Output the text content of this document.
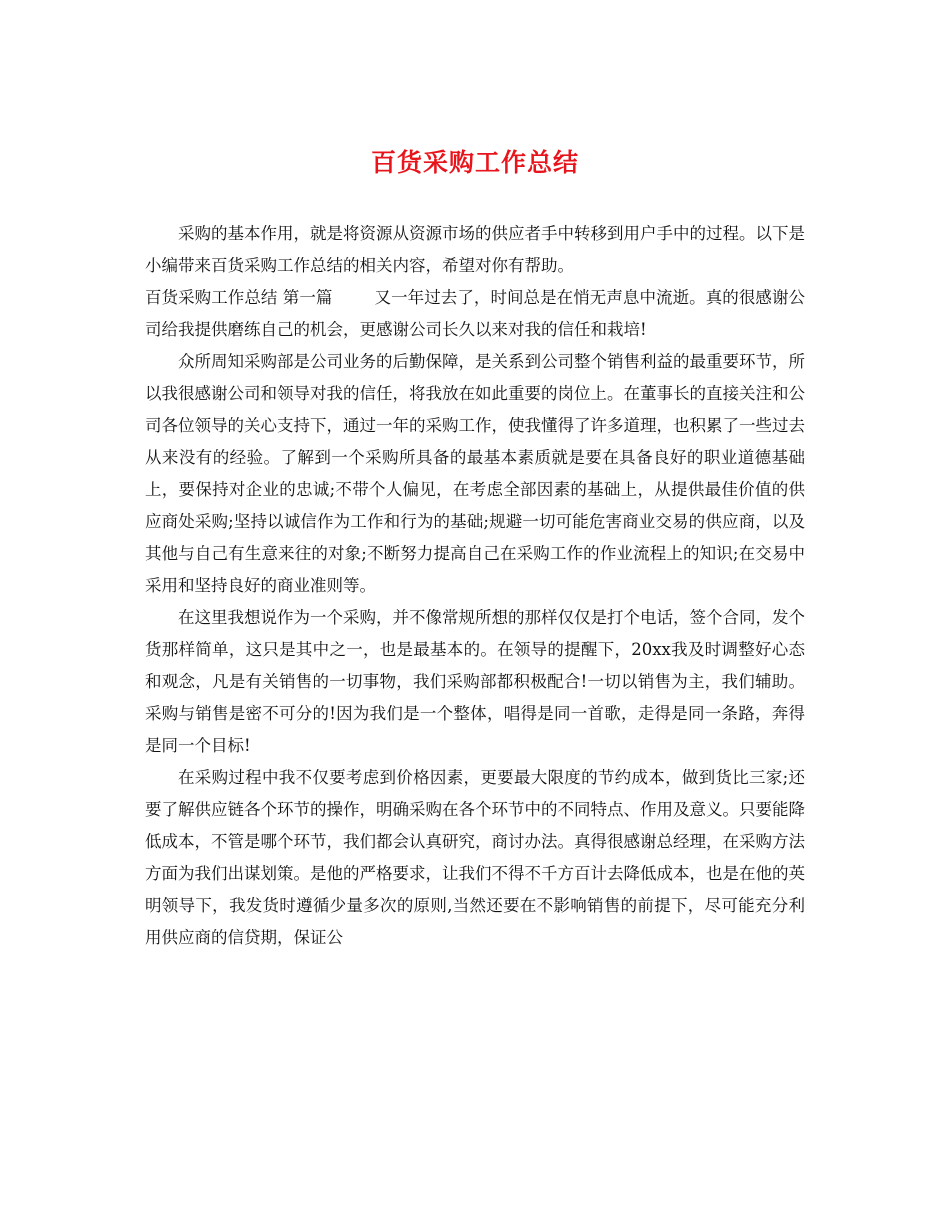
百货采购工作总结

采购的基本作用，就是将资源从资源市场的供应者手中转移到用户手中的过程。以下是小编带来百货采购工作总结的相关内容，希望对你有帮助。

百货采购工作总结 第一篇	又一年过去了，时间总是在悄无声息中流逝。真的很感谢公司给我提供磨练自己的机会，更感谢公司长久以来对我的信任和栽培!

众所周知采购部是公司业务的后勤保障，是关系到公司整个销售利益的最重要环节，所以我很感谢公司和领导对我的信任，将我放在如此重要的岗位上。在董事长的直接关注和公司各位领导的关心支持下，通过一年的采购工作，使我懂得了许多道理，也积累了一些过去从来没有的经验。了解到一个采购所具备的最基本素质就是要在具备良好的职业道德基础上，要保持对企业的忠诚;不带个人偏见，在考虑全部因素的基础上，从提供最佳价值的供应商处采购;坚持以诚信作为工作和行为的基础;规避一切可能危害商业交易的供应商，以及其他与自己有生意来往的对象;不断努力提高自己在采购工作的作业流程上的知识;在交易中采用和坚持良好的商业准则等。

在这里我想说作为一个采购，并不像常规所想的那样仅仅是打个电话，签个合同，发个货那样简单，这只是其中之一，也是最基本的。在领导的提醒下，20xx我及时调整好心态和观念，凡是有关销售的一切事物，我们采购部都积极配合!一切以销售为主，我们辅助。采购与销售是密不可分的!因为我们是一个整体，唱得是同一首歌，走得是同一条路，奔得是同一个目标!

在采购过程中我不仅要考虑到价格因素，更要最大限度的节约成本，做到货比三家;还要了解供应链各个环节的操作，明确采购在各个环节中的不同特点、作用及意义。只要能降低成本，不管是哪个环节，我们都会认真研究，商讨办法。真得很感谢总经理，在采购方法方面为我们出谋划策。是他的严格要求，让我们不得不千方百计去降低成本，也是在他的英明领导下，我发货时遵循少量多次的原则,当然还要在不影响销售的前提下，尽可能充分利用供应商的信贷期，保证公
